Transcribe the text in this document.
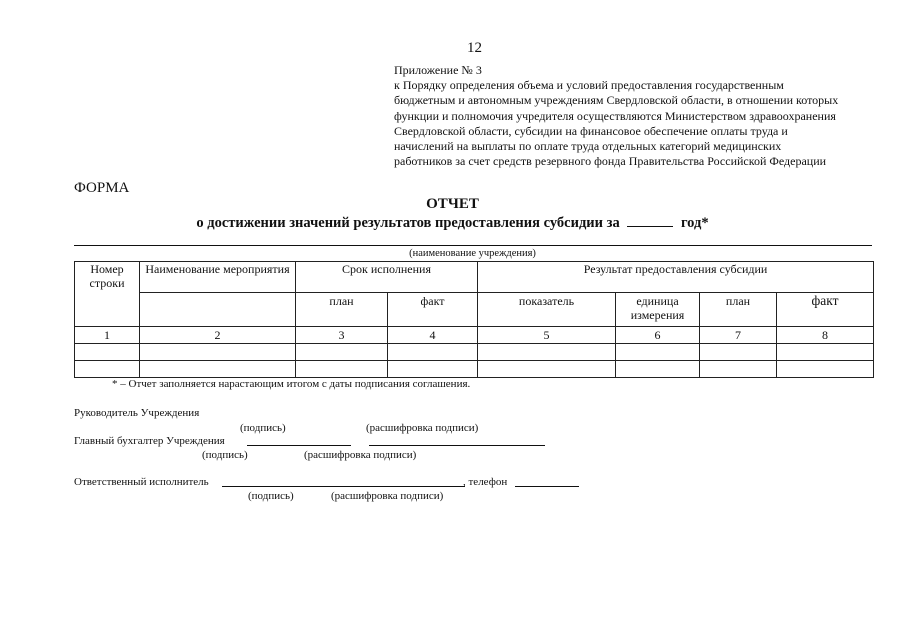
12
Приложение № 3
к Порядку определения объема и условий предоставления государственным
бюджетным и автономным учреждениям Свердловской области, в отношении которых
функции и полномочия учредителя осуществляются Министерством здравоохранения
Свердловской области, субсидии на финансовое обеспечение оплаты труда и
начислений на выплаты по оплате труда отдельных категорий медицинских
работников за счет средств резервного фонда Правительства Российской Федерации
ФОРМА
ОТЧЕТ
о достижении значений результатов предоставления субсидии за	год*
(наименование учреждения)
Номер строки	Наименование мероприятия	Срок исполнения		Результат предоставления субсидии			
		план	факт	показатель	единица измерения	план	факт
1	2	3	4	5	6	7	8

* – Отчет заполняется нарастающим итогом с даты подписания соглашения.
Руководитель Учреждения
(подпись)	(расшифровка подписи)
Главный бухгалтер Учреждения
(подпись)	(расшифровка подписи)
Ответственный исполнитель	, телефон
(подпись)	(расшифровка подписи)
